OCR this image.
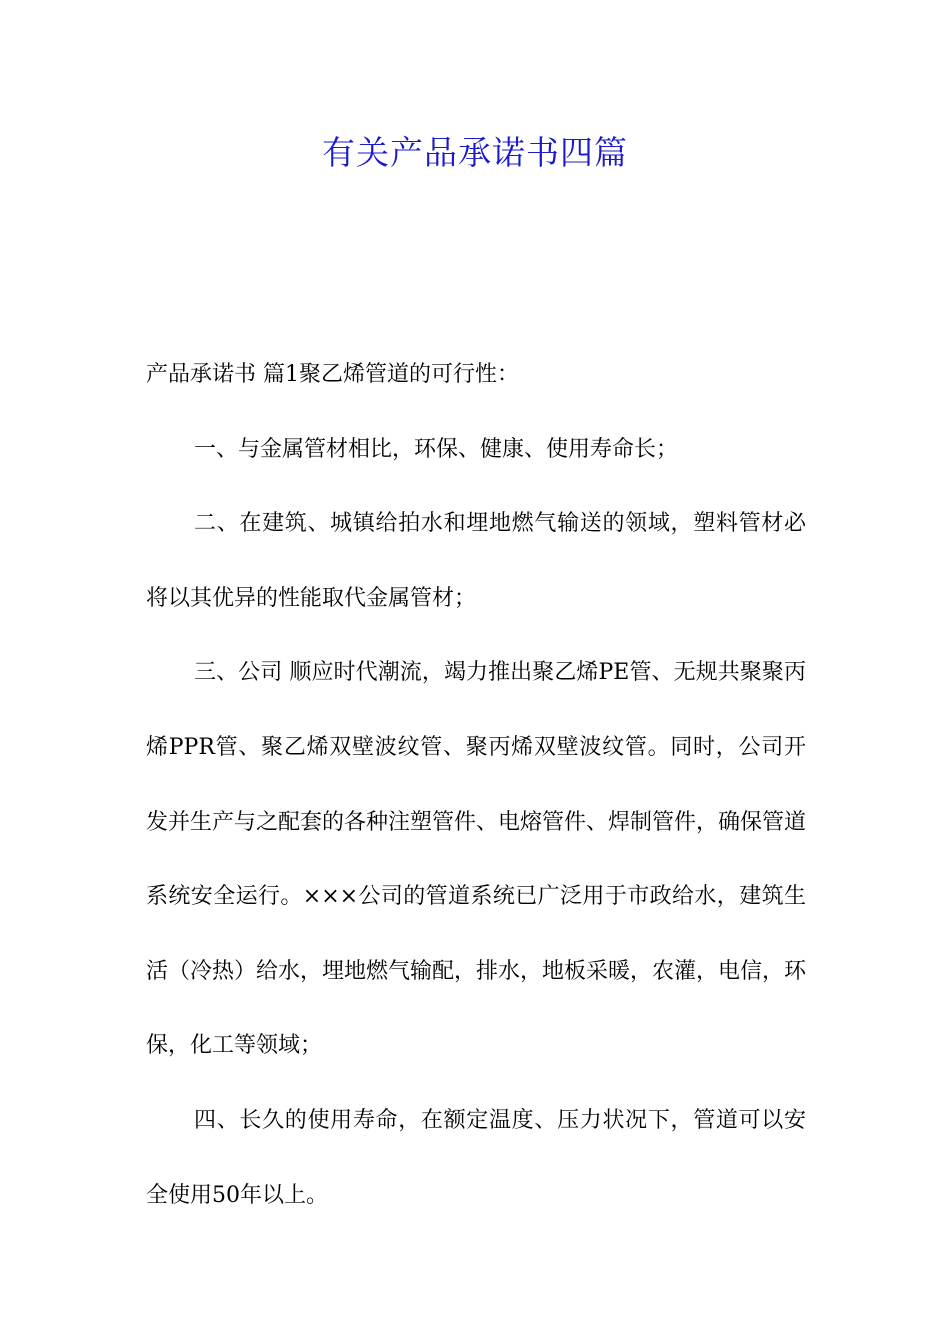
有关产品承诺书四篇

产品承诺书 篇1聚乙烯管道的可行性：

一、与金属管材相比，环保、健康、使用寿命长；

二、在建筑、城镇给拍水和埋地燃气输送的领域，塑料管材必将以其优异的性能取代金属管材；

三、公司 顺应时代潮流，竭力推出聚乙烯PE管、无规共聚聚丙烯PPR管、聚乙烯双壁波纹管、聚丙烯双壁波纹管。同时，公司开发并生产与之配套的各种注塑管件、电熔管件、焊制管件，确保管道系统安全运行。×××公司的管道系统已广泛用于市政给水，建筑生活（冷热）给水，埋地燃气输配，排水，地板采暖，农灌，电信，环保，化工等领域；

四、长久的使用寿命，在额定温度、压力状况下，管道可以安全使用50年以上。
